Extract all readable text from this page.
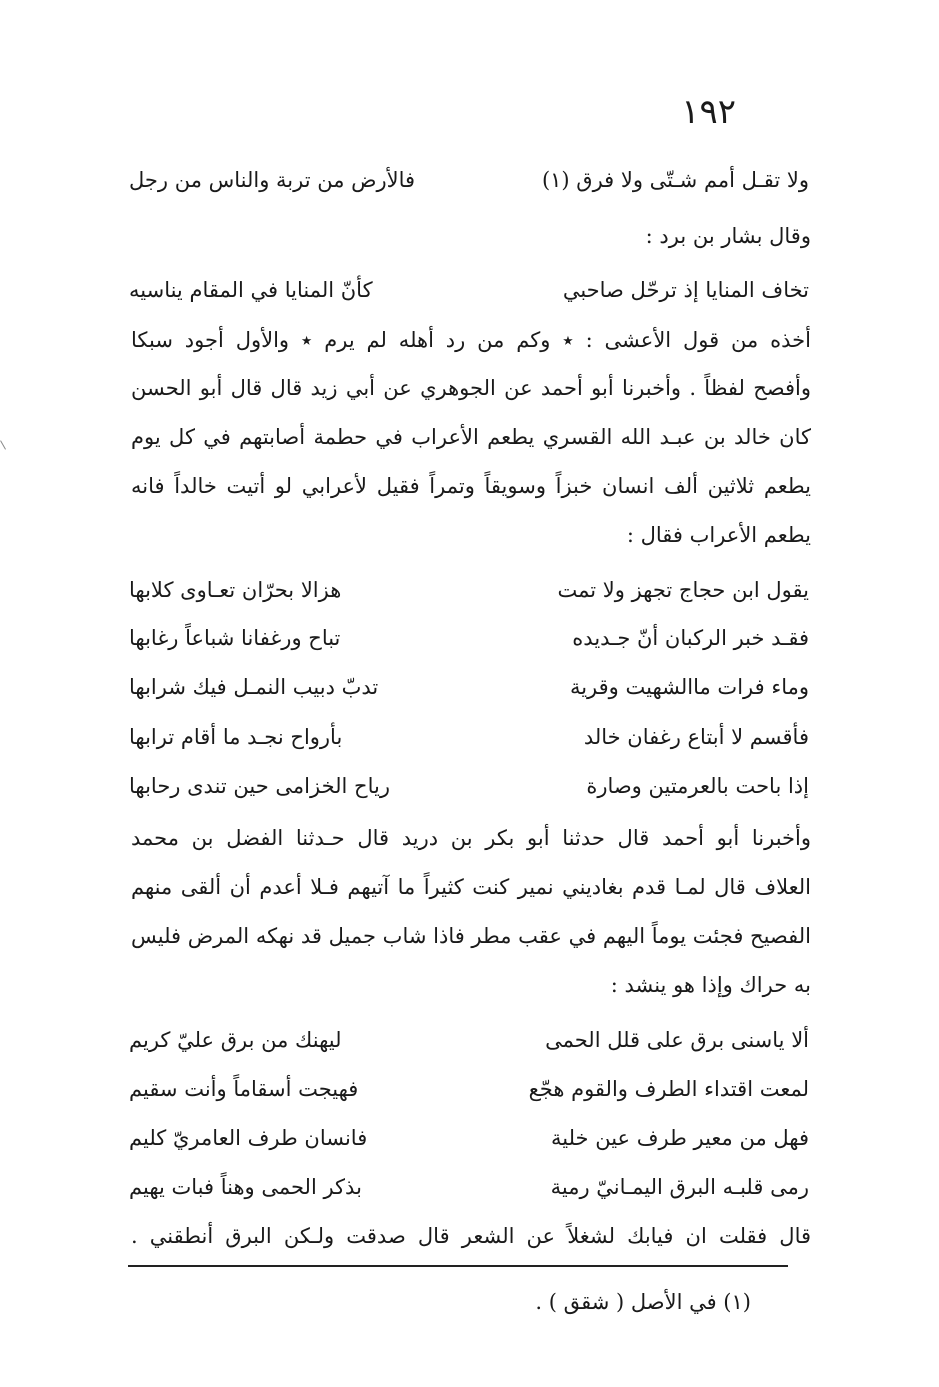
١٩٢
ولا تقـل أمم شـتّى ولا فرق (١)
فالأرض من تربة والناس من رجل
وقال بشار بن برد :
تخاف المنايا إذ ترحّل صاحبي
كأنّ المنايا في المقام يناسيه
أخذه من قول الأعشى : ٭ وكم من رد أهله لم يرم ٭ والأول أجود سبكا
وأفصح لفظاً . وأخبرنا أبو أحمد عن الجوهري عن أبي زيد قال قال أبو الحسن
كان خالد بن عبـد الله القسري يطعم الأعراب في حطمة أصابتهم في كل يوم
يطعم ثلاثين ألف انسان خبزاً وسويقاً وتمراً فقيل لأعرابي لو أتيت خالداً فانه
يطعم الأعراب فقال :
يقول ابن حجاج تجهز ولا تمت
هزالا بحرّان تعـاوى كلابها
فقـد خبر الركبان أنّ جـديده
تباح ورغفانا شباعاً رغابها
وماء فرات ماالشهيت وقرية
تدبّ دبيب النمـل فيك شرابها
فأقسم لا أبتاع رغفان خالد
بأرواح نجـد ما أقام ترابها
إذا باحت بالعرمتين وصارة
رياح الخزامى حين تندى رحابها
وأخبرنا أبو أحمد قال حدثنا أبو بكر بن دريد قال حـدثنا الفضل بن محمد
العلاف قال لمـا قدم بغاديني نمير كنت كثيراً ما آتيهم فـلا أعدم أن ألقى منهم
الفصيح فجئت يوماً اليهم في عقب مطر فاذا شاب جميل قد نهكه المرض فليس
به حراك وإذا هو ينشد :
ألا ياسنى برق على قلل الحمى
ليهنك من برق عليّ كريم
لمعت اقتداء الطرف والقوم هجّع
فهيجت أسقاماً وأنت سقيم
فهل من معير طرف عين خلية
فانسان طرف العامريّ كليم
رمى قلبـه البرق اليمـانيّ رمية
بذكر الحمى وهناً فبات يهيم
قال فقلت ان فيابك لشغلاً عن الشعر قال صدقت ولـكن البرق أنطقني .
(١) في الأصل ( شقق ) .
